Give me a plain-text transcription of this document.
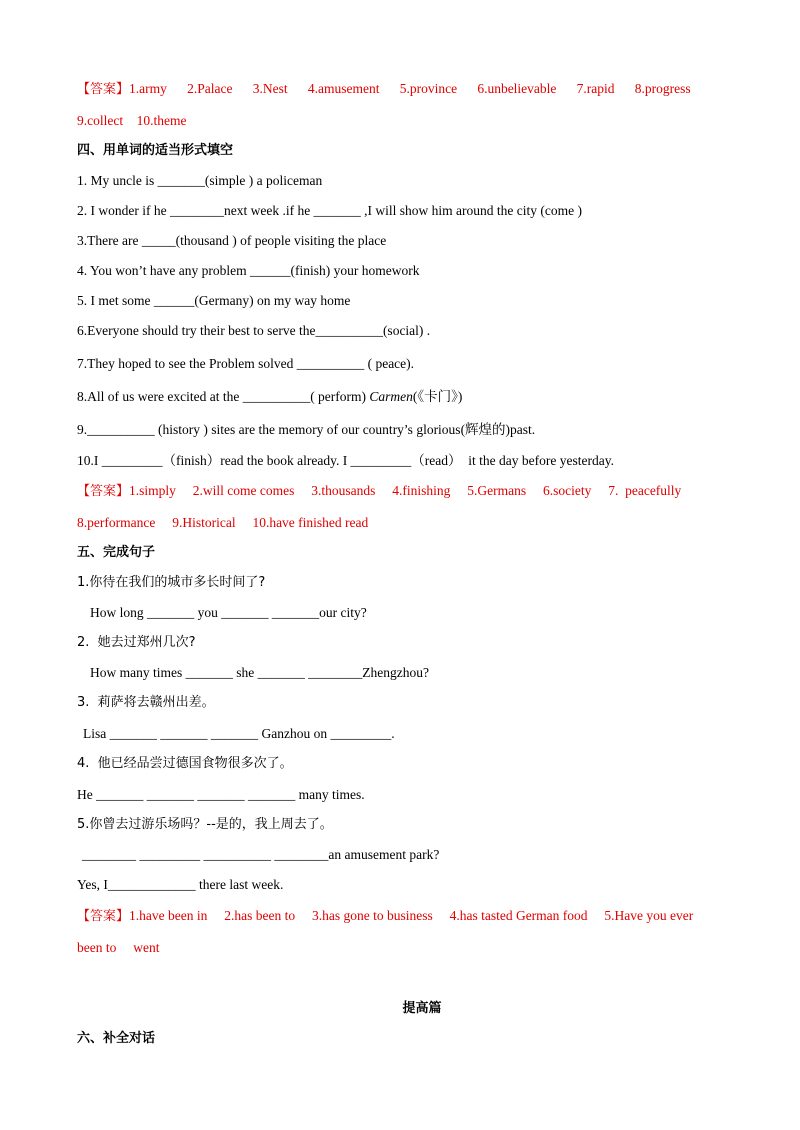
【答案】1.army      2.Palace      3.Nest      4.amusement      5.province      6.unbelievable      7.rapid      8.progress
9.collect    10.theme
四、用单词的适当形式填空
1. My uncle is _______(simple ) a policeman
2. I wonder if he ________next week .if he _______ ,I will show him around the city (come )
3.There are _____(thousand ) of people visiting the place
4. You won’t have any problem ______(finish) your homework
5. I met some ______(Germany) on my way home
6.Everyone should try their best to serve the__________(social) .
7.They hoped to see the Problem solved __________ ( peace).
8.All of us were excited at the __________( perform) Carmen(《卡门》)
9.__________ (history ) sites are the memory of our country’s glorious(辉煌的)past.
10.I _________（finish）read the book already. I _________（read）  it the day before yesterday.
【答案】1.simply     2.will come comes     3.thousands     4.finishing     5.Germans     6.society     7.  peacefully
8.performance     9.Historical     10.have finished read
五、完成句子
1.你待在我们的城市多长时间了?
How long _______ you _______ _______our city?
2.  她去过郑州几次?
How many times _______ she _______ ________Zhengzhou?
3.  莉萨将去赣州出差。
Lisa _______ _______ _______ Ganzhou on _________.
4.  他已经品尝过德国食物很多次了。
He _______ _______ _______ _______ many times.
5.你曾去过游乐场吗？--是的，我上周去了。
________ _________ __________ ________an amusement park?
Yes, I_____________ there last week.
【答案】1.have been in     2.has been to     3.has gone to business     4.has tasted German food     5.Have you ever
been to     went
提高篇
六、补全对话
